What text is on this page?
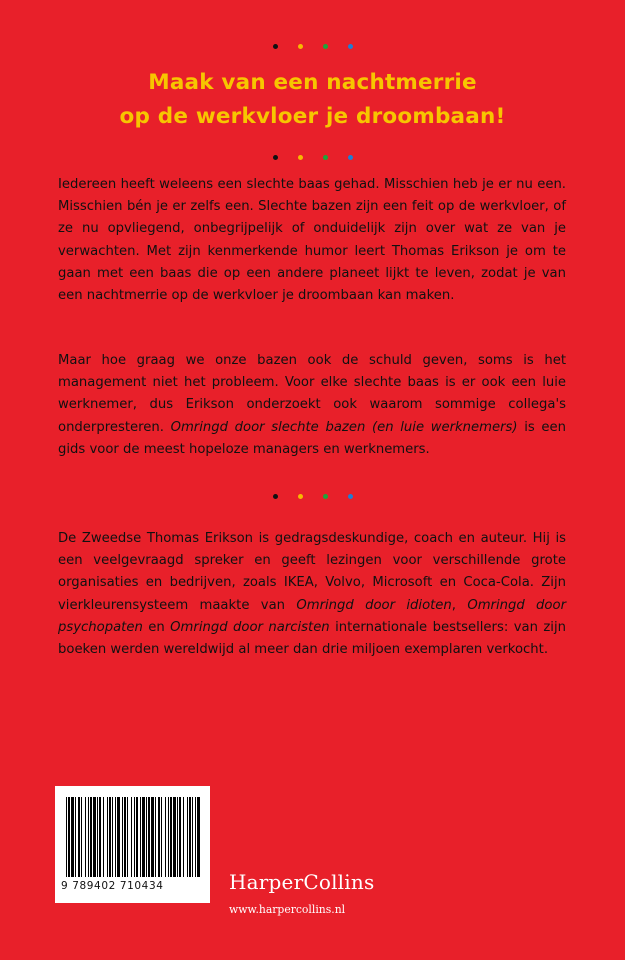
Maak van een nachtmerrie
op de werkvloer je droombaan!

Iedereen heeft weleens een slechte baas gehad. Misschien heb je er nu een. Misschien bén je er zelfs een. Slechte bazen zijn een feit op de werkvloer, of ze nu opvliegend, onbegrijpelijk of onduidelijk zijn over wat ze van je verwachten. Met zijn kenmerkende humor leert Thomas Erikson je om te gaan met een baas die op een andere planeet lijkt te leven, zodat je van een nachtmerrie op de werkvloer je droombaan kan maken.

Maar hoe graag we onze bazen ook de schuld geven, soms is het management niet het probleem. Voor elke slechte baas is er ook een luie werknemer, dus Erikson onderzoekt ook waarom sommige collega's onderpresteren. Omringd door slechte bazen (en luie werknemers) is een gids voor de meest hopeloze managers en werknemers.

De Zweedse Thomas Erikson is gedragsdeskundige, coach en auteur. Hij is een veelgevraagd spreker en geeft lezingen voor verschillende grote organisaties en bedrijven, zoals IKEA, Volvo, Microsoft en Coca-Cola. Zijn vierkleurensysteem maakte van Omringd door idioten, Omringd door psychopaten en Omringd door narcisten internationale bestsellers: van zijn boeken werden wereldwijd al meer dan drie miljoen exemplaren verkocht.

9 789402 710434	HarperCollins
www.harpercollins.nl
